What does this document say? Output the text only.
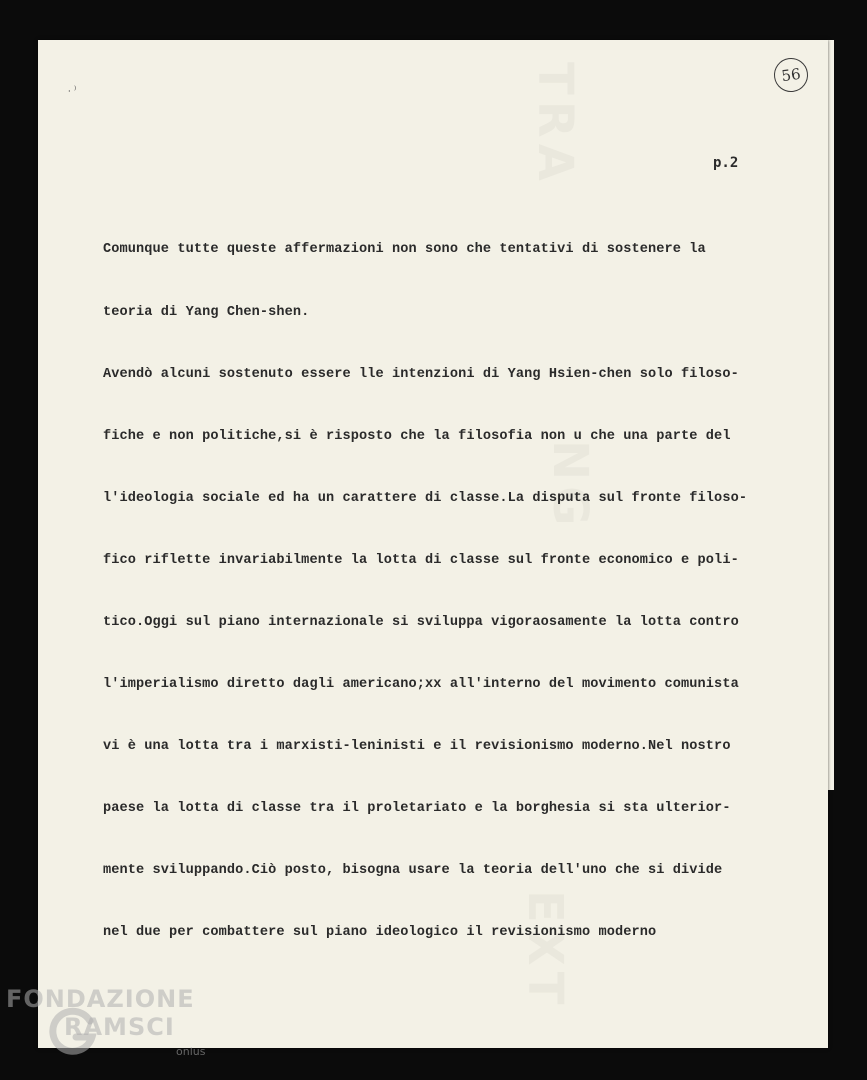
⸳ ⁾
56
p.2

Comunque tutte queste affermazioni non sono che tentativi di sostenere la

teoria di Yang Chen-shen.

Avendò alcuni sostenuto essere lle intenzioni di Yang Hsien-chen solo filoso-

fiche e non politiche,si è risposto che la filosofia non u che una parte del

l'ideologia sociale ed ha un carattere di classe.La disputa sul fronte filoso-

fico riflette invariabilmente la lotta di classe sul fronte economico e poli-

tico.Oggi sul piano internazionale si sviluppa vigoraosamente la lotta contro

l'imperialismo diretto dagli americano;xx all'interno del movimento comunista

vi è una lotta tra i marxisti-leninisti e il revisionismo moderno.Nel nostro

paese la lotta di classe tra il proletariato e la borghesia si sta ulterior-

mente sviluppando.Ciò posto, bisogna usare la teoria dell'uno che si divide

nel due per combattere sul piano ideologico il revisionismo moderno

FONDAZIONE
RAMSCI
onlus
